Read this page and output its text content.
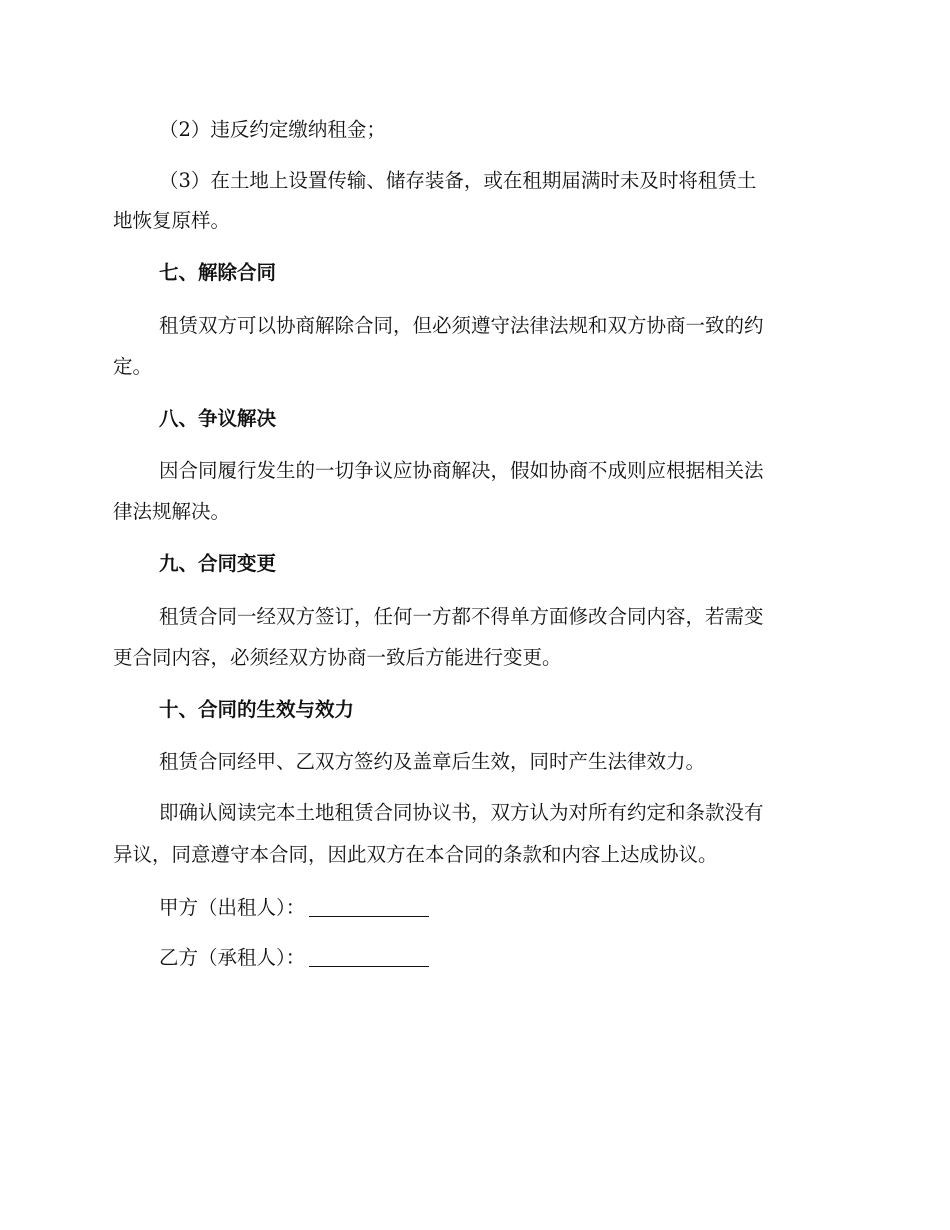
（2）违反约定缴纳租金；
（3）在土地上设置传输、储存装备，或在租期届满时未及时将租赁土
地恢复原样。
七、解除合同
租赁双方可以协商解除合同，但必须遵守法律法规和双方协商一致的约
定。
八、争议解决
因合同履行发生的一切争议应协商解决，假如协商不成则应根据相关法
律法规解决。
九、合同变更
租赁合同一经双方签订，任何一方都不得单方面修改合同内容，若需变
更合同内容，必须经双方协商一致后方能进行变更。
十、合同的生效与效力
租赁合同经甲、乙双方签约及盖章后生效，同时产生法律效力。
即确认阅读完本土地租赁合同协议书，双方认为对所有约定和条款没有
异议，同意遵守本合同，因此双方在本合同的条款和内容上达成协议。
甲方（出租人）：
乙方（承租人）：
